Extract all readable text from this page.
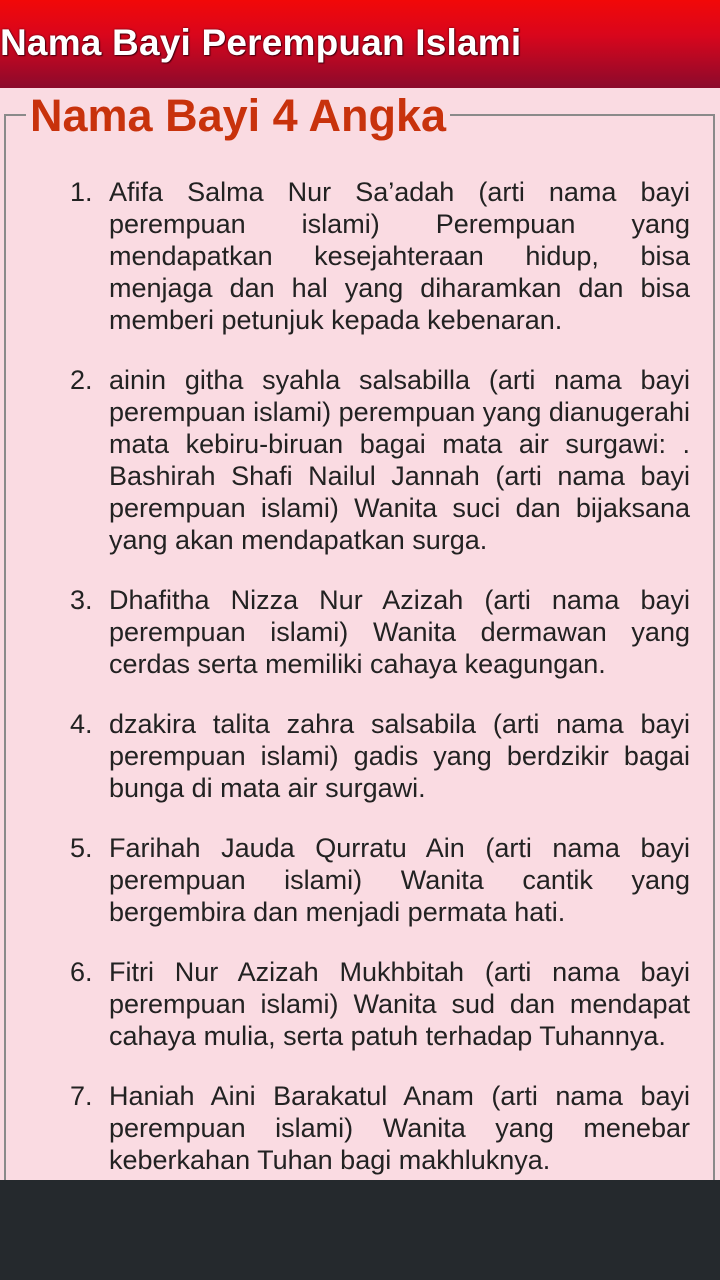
Nama Bayi Perempuan Islami
Nama Bayi 4 Angka
1. Afifa Salma Nur Sa’adah (arti nama bayi perempuan islami) Perempuan yang mendapatkan kesejahteraan hidup, bisa menjaga dan hal yang diharamkan dan bisa memberi petunjuk kepada kebenaran.
2. ainin githa syahla salsabilla (arti nama bayi perempuan islami) perempuan yang dianugerahi mata kebiru-biruan bagai mata air surgawi: . Bashirah Shafi Nailul Jannah (arti nama bayi perempuan islami) Wanita suci dan bijaksana yang akan mendapatkan surga.
3. Dhafitha Nizza Nur Azizah (arti nama bayi perempuan islami) Wanita dermawan yang cerdas serta memiliki cahaya keagungan.
4. dzakira talita zahra salsabila (arti nama bayi perempuan islami) gadis yang berdzikir bagai bunga di mata air surgawi.
5. Farihah Jauda Qurratu Ain (arti nama bayi perempuan islami) Wanita cantik yang bergembira dan menjadi permata hati.
6. Fitri Nur Azizah Mukhbitah (arti nama bayi perempuan islami) Wanita sud dan mendapat cahaya mulia, serta patuh terhadap Tuhannya.
7. Haniah Aini Barakatul Anam (arti nama bayi perempuan islami) Wanita yang menebar keberkahan Tuhan bagi makhluknya.
